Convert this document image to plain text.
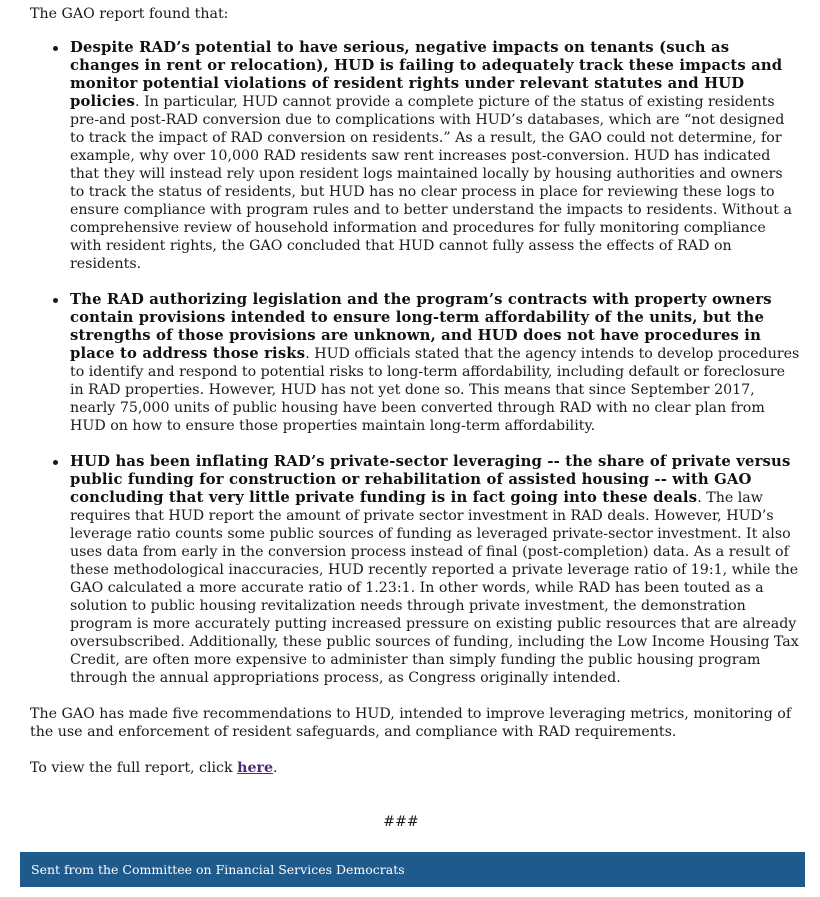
The GAO report found that:

Despite RAD’s potential to have serious, negative impacts on tenants (such as changes in rent or relocation), HUD is failing to adequately track these impacts and monitor potential violations of resident rights under relevant statutes and HUD policies. In particular, HUD cannot provide a complete picture of the status of existing residents pre-and post-RAD conversion due to complications with HUD’s databases, which are “not designed to track the impact of RAD conversion on residents.” As a result, the GAO could not determine, for example, why over 10,000 RAD residents saw rent increases post-conversion. HUD has indicated that they will instead rely upon resident logs maintained locally by housing authorities and owners to track the status of residents, but HUD has no clear process in place for reviewing these logs to ensure compliance with program rules and to better understand the impacts to residents. Without a comprehensive review of household information and procedures for fully monitoring compliance with resident rights, the GAO concluded that HUD cannot fully assess the effects of RAD on residents.
The RAD authorizing legislation and the program’s contracts with property owners contain provisions intended to ensure long-term affordability of the units, but the strengths of those provisions are unknown, and HUD does not have procedures in place to address those risks. HUD officials stated that the agency intends to develop procedures to identify and respond to potential risks to long-term affordability, including default or foreclosure in RAD properties. However, HUD has not yet done so. This means that since September 2017, nearly 75,000 units of public housing have been converted through RAD with no clear plan from HUD on how to ensure those properties maintain long-term affordability.
HUD has been inflating RAD’s private-sector leveraging -- the share of private versus public funding for construction or rehabilitation of assisted housing -- with GAO concluding that very little private funding is in fact going into these deals. The law requires that HUD report the amount of private sector investment in RAD deals. However, HUD’s leverage ratio counts some public sources of funding as leveraged private-sector investment. It also uses data from early in the conversion process instead of final (post-completion) data. As a result of these methodological inaccuracies, HUD recently reported a private leverage ratio of 19:1, while the GAO calculated a more accurate ratio of 1.23:1. In other words, while RAD has been touted as a solution to public housing revitalization needs through private investment, the demonstration program is more accurately putting increased pressure on existing public resources that are already oversubscribed. Additionally, these public sources of funding, including the Low Income Housing Tax Credit, are often more expensive to administer than simply funding the public housing program through the annual appropriations process, as Congress originally intended.

The GAO has made five recommendations to HUD, intended to improve leveraging metrics, monitoring of the use and enforcement of resident safeguards, and compliance with RAD requirements.

To view the full report, click here.

###

Sent from the Committee on Financial Services Democrats
